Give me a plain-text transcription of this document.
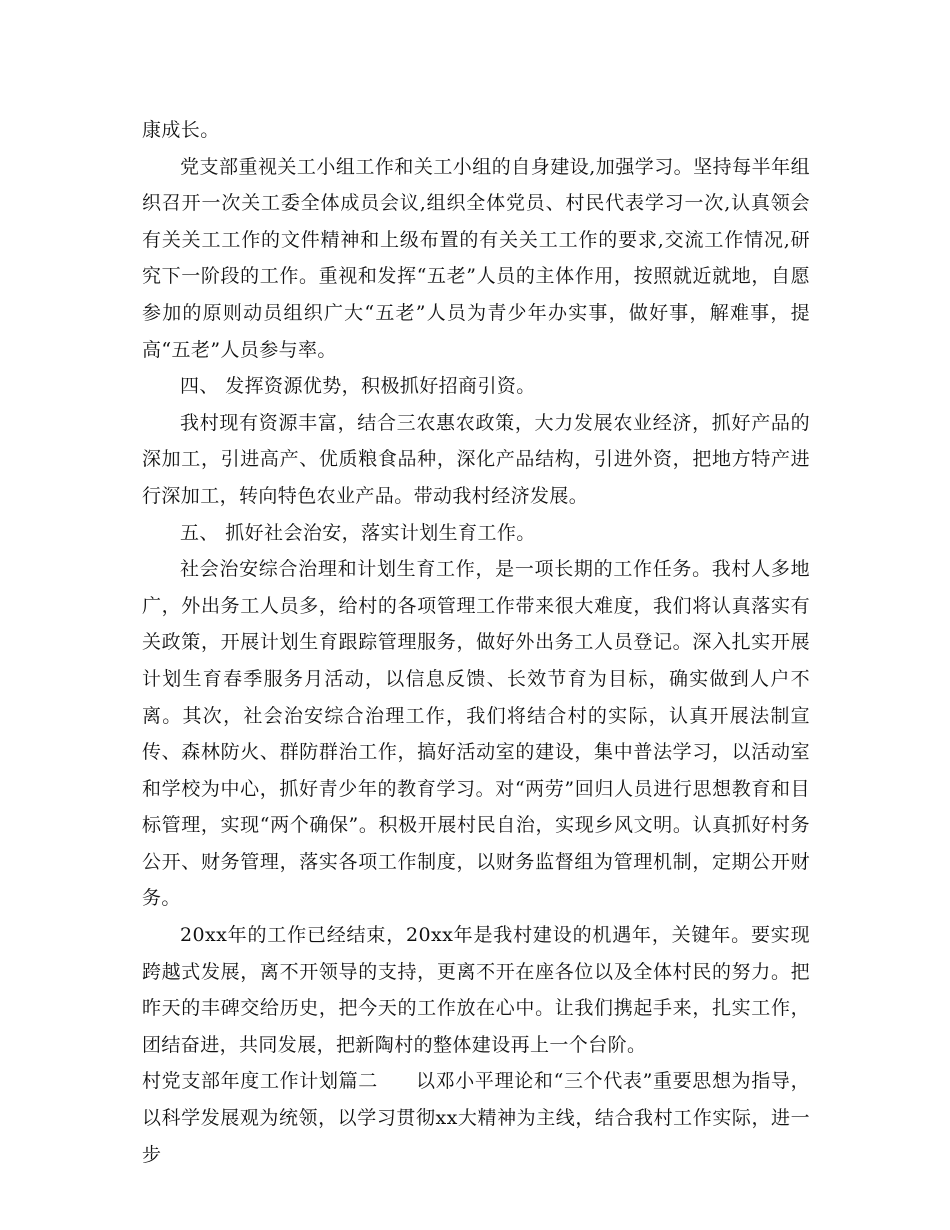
康成长。

党支部重视关工小组工作和关工小组的自身建设,加强学习。坚持每半年组织召开一次关工委全体成员会议,组织全体党员、村民代表学习一次,认真领会有关关工工作的文件精神和上级布置的有关关工工作的要求,交流工作情况,研究下一阶段的工作。重视和发挥“五老”人员的主体作用，按照就近就地，自愿参加的原则动员组织广大“五老”人员为青少年办实事，做好事，解难事，提高“五老”人员参与率。

四、 发挥资源优势，积极抓好招商引资。

我村现有资源丰富，结合三农惠农政策，大力发展农业经济，抓好产品的深加工，引进高产、优质粮食品种，深化产品结构，引进外资，把地方特产进行深加工，转向特色农业产品。带动我村经济发展。

五、 抓好社会治安，落实计划生育工作。

社会治安综合治理和计划生育工作，是一项长期的工作任务。我村人多地广，外出务工人员多，给村的各项管理工作带来很大难度，我们将认真落实有关政策，开展计划生育跟踪管理服务，做好外出务工人员登记。深入扎实开展计划生育春季服务月活动，以信息反馈、长效节育为目标，确实做到人户不离。其次，社会治安综合治理工作，我们将结合村的实际，认真开展法制宣传、森林防火、群防群治工作，搞好活动室的建设，集中普法学习，以活动室和学校为中心，抓好青少年的教育学习。对“两劳”回归人员进行思想教育和目标管理，实现“两个确保”。积极开展村民自治，实现乡风文明。认真抓好村务公开、财务管理，落实各项工作制度，以财务监督组为管理机制，定期公开财务。

20xx年的工作已经结束，20xx年是我村建设的机遇年，关键年。要实现跨越式发展，离不开领导的支持，更离不开在座各位以及全体村民的努力。把昨天的丰碑交给历史，把今天的工作放在心中。让我们携起手来，扎实工作，团结奋进，共同发展，把新陶村的整体建设再上一个台阶。

村党支部年度工作计划篇二 以邓小平理论和“三个代表”重要思想为指导，以科学发展观为统领，以学习贯彻xx大精神为主线，结合我村工作实际，进一步
